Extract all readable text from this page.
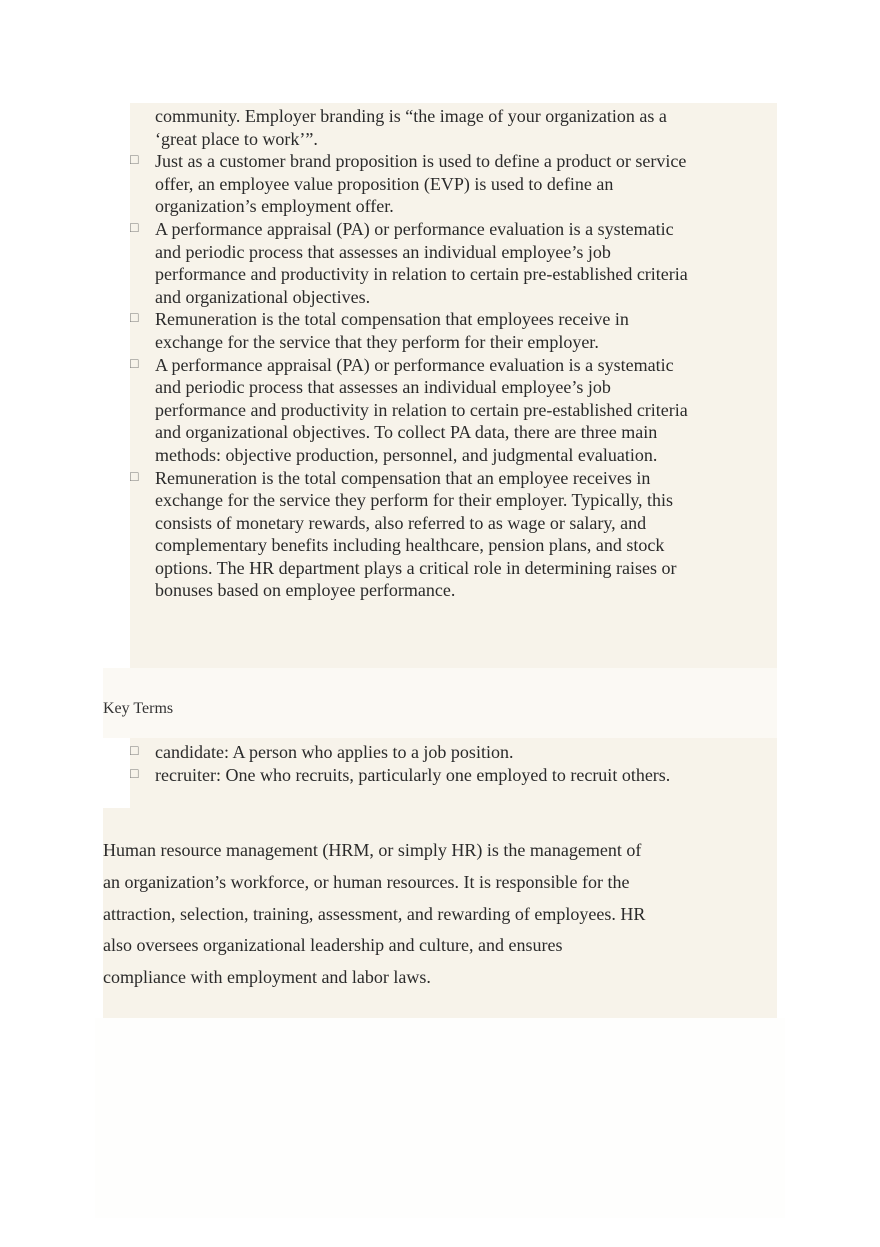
community. Employer branding is “the image of your organization as a ‘great place to work’”.
□ Just as a customer brand proposition is used to define a product or service offer, an employee value proposition (EVP) is used to define an organization’s employment offer.
□ A performance appraisal (PA) or performance evaluation is a systematic and periodic process that assesses an individual employee’s job performance and productivity in relation to certain pre-established criteria and organizational objectives.
□ Remuneration is the total compensation that employees receive in exchange for the service that they perform for their employer.
□ A performance appraisal (PA) or performance evaluation is a systematic and periodic process that assesses an individual employee’s job performance and productivity in relation to certain pre-established criteria and organizational objectives. To collect PA data, there are three main methods: objective production, personnel, and judgmental evaluation.
□ Remuneration is the total compensation that an employee receives in exchange for the service they perform for their employer. Typically, this consists of monetary rewards, also referred to as wage or salary, and complementary benefits including healthcare, pension plans, and stock options. The HR department plays a critical role in determining raises or bonuses based on employee performance.
Key Terms
□ candidate: A person who applies to a job position.
□ recruiter: One who recruits, particularly one employed to recruit others.

Human resource management (HRM, or simply HR) is the management of an organization’s workforce, or human resources. It is responsible for the attraction, selection, training, assessment, and rewarding of employees. HR also oversees organizational leadership and culture, and ensures compliance with employment and labor laws.
